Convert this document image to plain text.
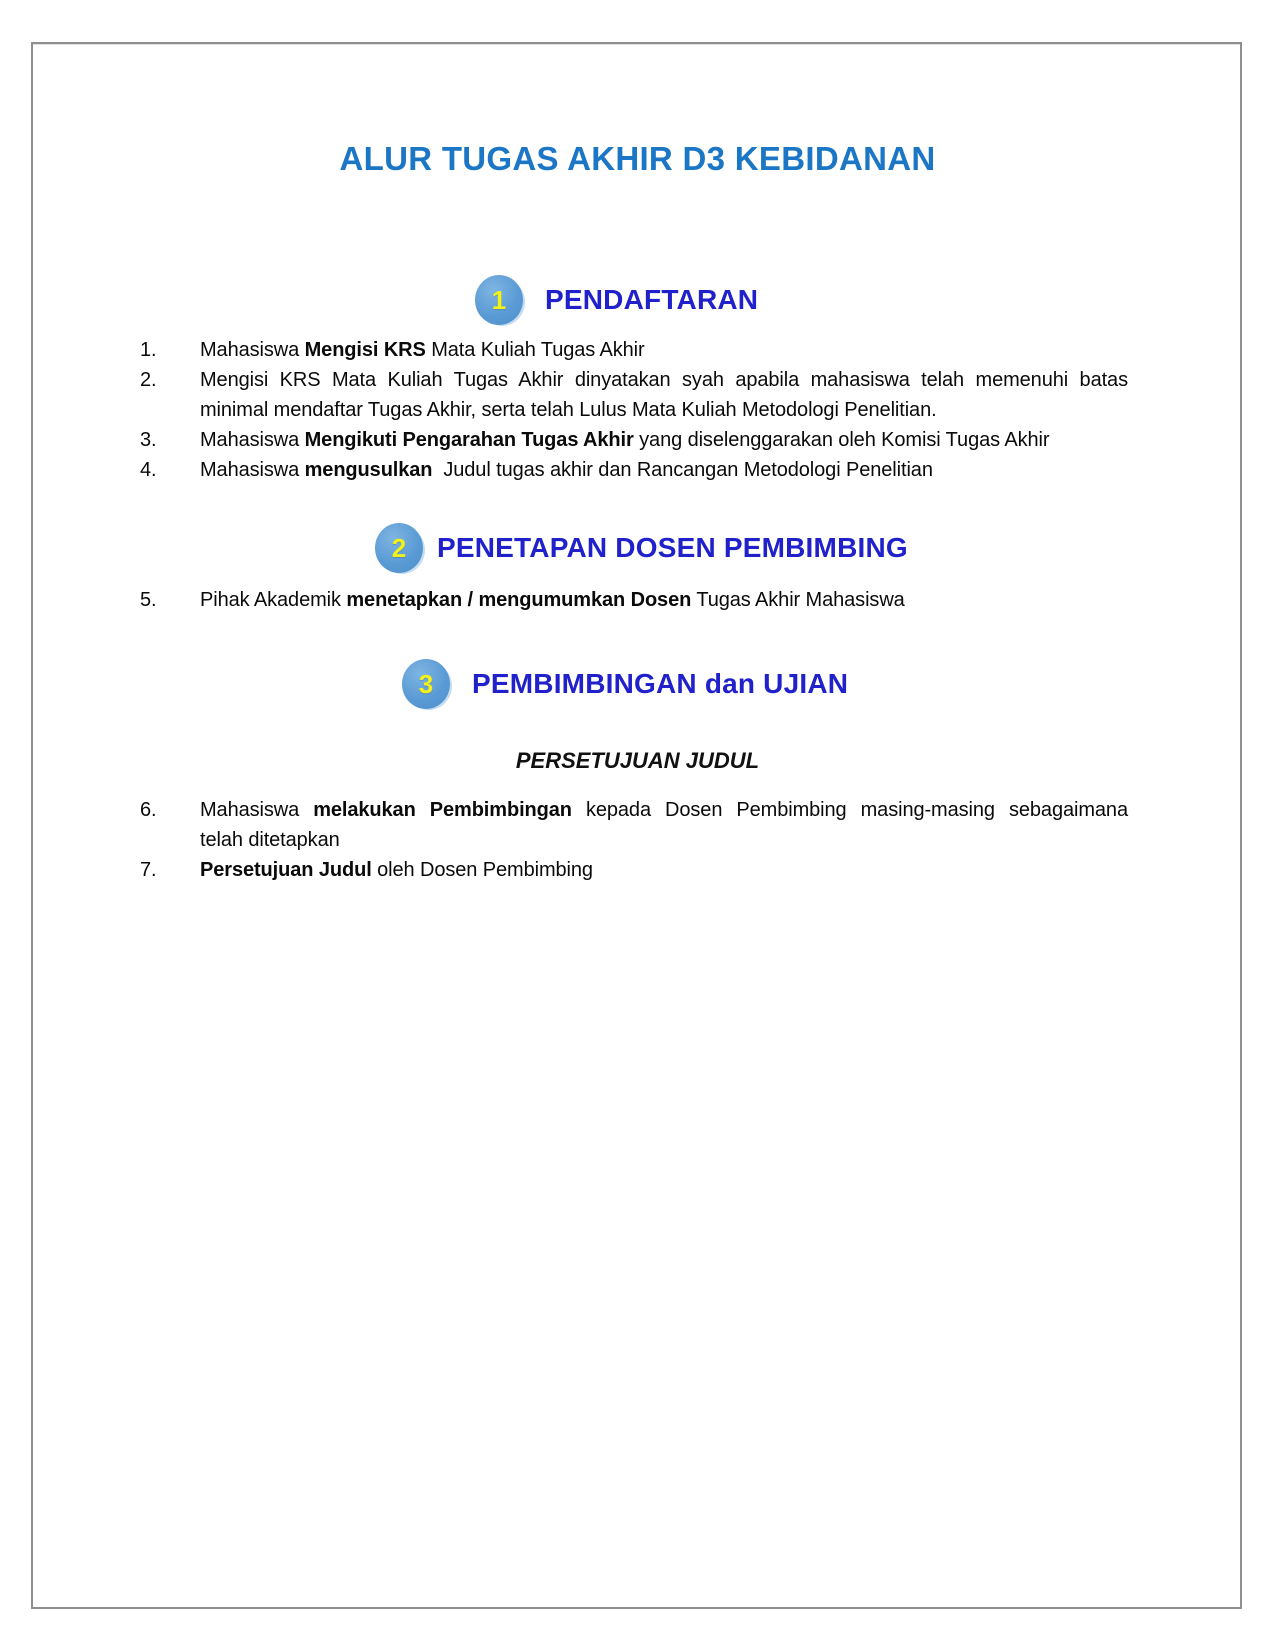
ALUR TUGAS AKHIR D3 KEBIDANAN
1	PENDAFTARAN
1.	Mahasiswa Mengisi KRS Mata Kuliah Tugas Akhir
2.	Mengisi KRS Mata Kuliah Tugas Akhir dinyatakan syah apabila mahasiswa telah memenuhi batas
minimal mendaftar Tugas Akhir, serta telah Lulus Mata Kuliah Metodologi Penelitian.
3.	Mahasiswa Mengikuti Pengarahan Tugas Akhir yang diselenggarakan oleh Komisi Tugas Akhir
4.	Mahasiswa mengusulkan  Judul tugas akhir dan Rancangan Metodologi Penelitian
2	PENETAPAN DOSEN PEMBIMBING
5.	Pihak Akademik menetapkan / mengumumkan Dosen Tugas Akhir Mahasiswa
3	PEMBIMBINGAN dan UJIAN
PERSETUJUAN JUDUL
6.	Mahasiswa melakukan Pembimbingan kepada Dosen Pembimbing masing-masing sebagaimana
telah ditetapkan
7.	Persetujuan Judul oleh Dosen Pembimbing
